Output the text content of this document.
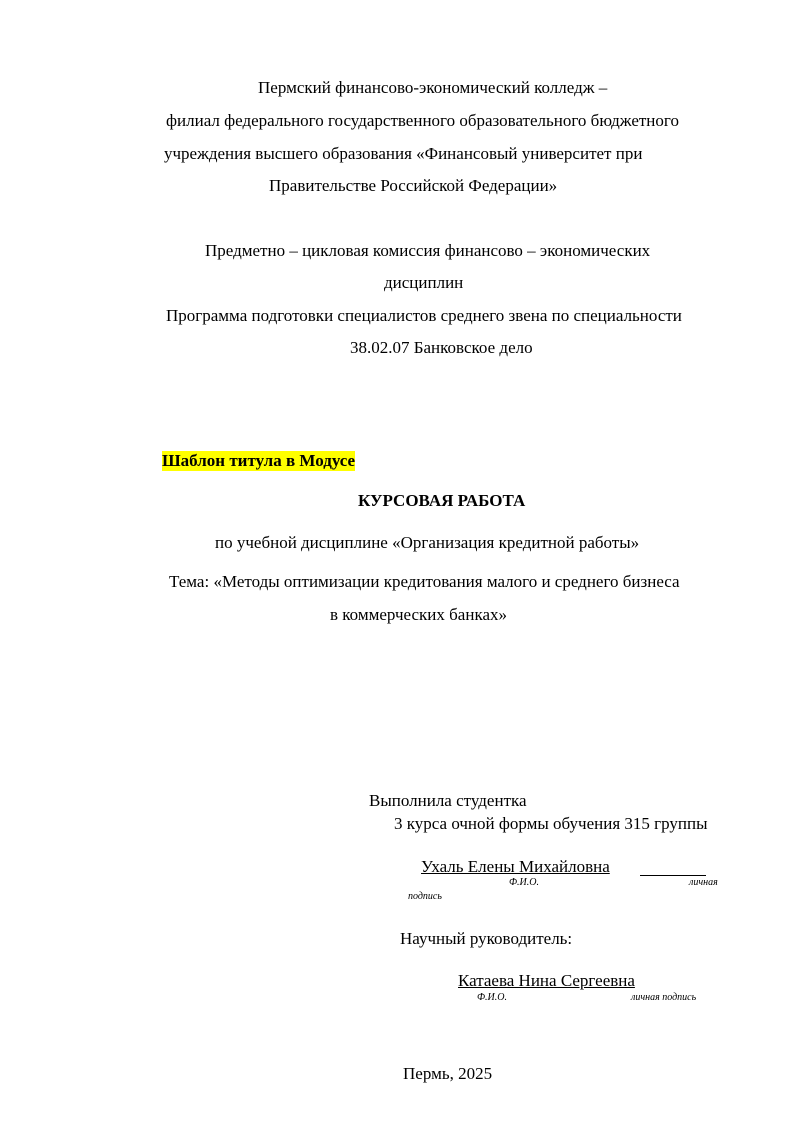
Пермский финансово-экономический колледж –
филиал федерального государственного образовательного бюджетного
учреждения высшего образования «Финансовый университет при
Правительстве Российской Федерации»
Предметно – цикловая комиссия финансово – экономических
дисциплин
Программа подготовки специалистов среднего звена по специальности
38.02.07 Банковское дело
Шаблон титула в Модусе
КУРСОВАЯ РАБОТА
по учебной дисциплине «Организация кредитной работы»
Тема: «Методы оптимизации кредитования малого и среднего бизнеса
в коммерческих банках»
Выполнила студентка
3 курса очной формы обучения 315 группы
Ухаль Елены Михайловна
Ф.И.О.	личная
подпись
Научный руководитель:
Катаева Нина Сергеевна
Ф.И.О.	личная подпись
Пермь, 2025
